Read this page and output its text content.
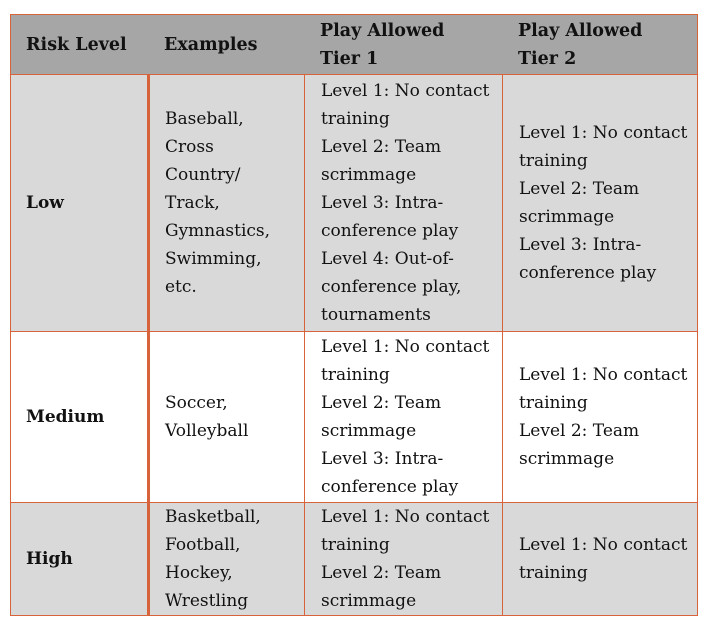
Risk Level Examples
Play Allowed
Tier 1
Play Allowed
Tier 2
Low
Baseball,
Cross
Country/
Track,
Gymnastics,
Swimming,
etc.
Level 1: No contact
training
Level 2: Team
scrimmage
Level 3: Intra-
conference play
Level 4: Out-of-
conference play,
tournaments
Level 1: No contact
training
Level 2: Team
scrimmage
Level 3: Intra-
conference play
Medium
Soccer,
Volleyball
Level 1: No contact
training
Level 2: Team
scrimmage
Level 3: Intra-
conference play
Level 1: No contact
training
Level 2: Team
scrimmage
High
Basketball,
Football,
Hockey,
Wrestling
Level 1: No contact
training
Level 2: Team
scrimmage
Level 1: No contact
training
